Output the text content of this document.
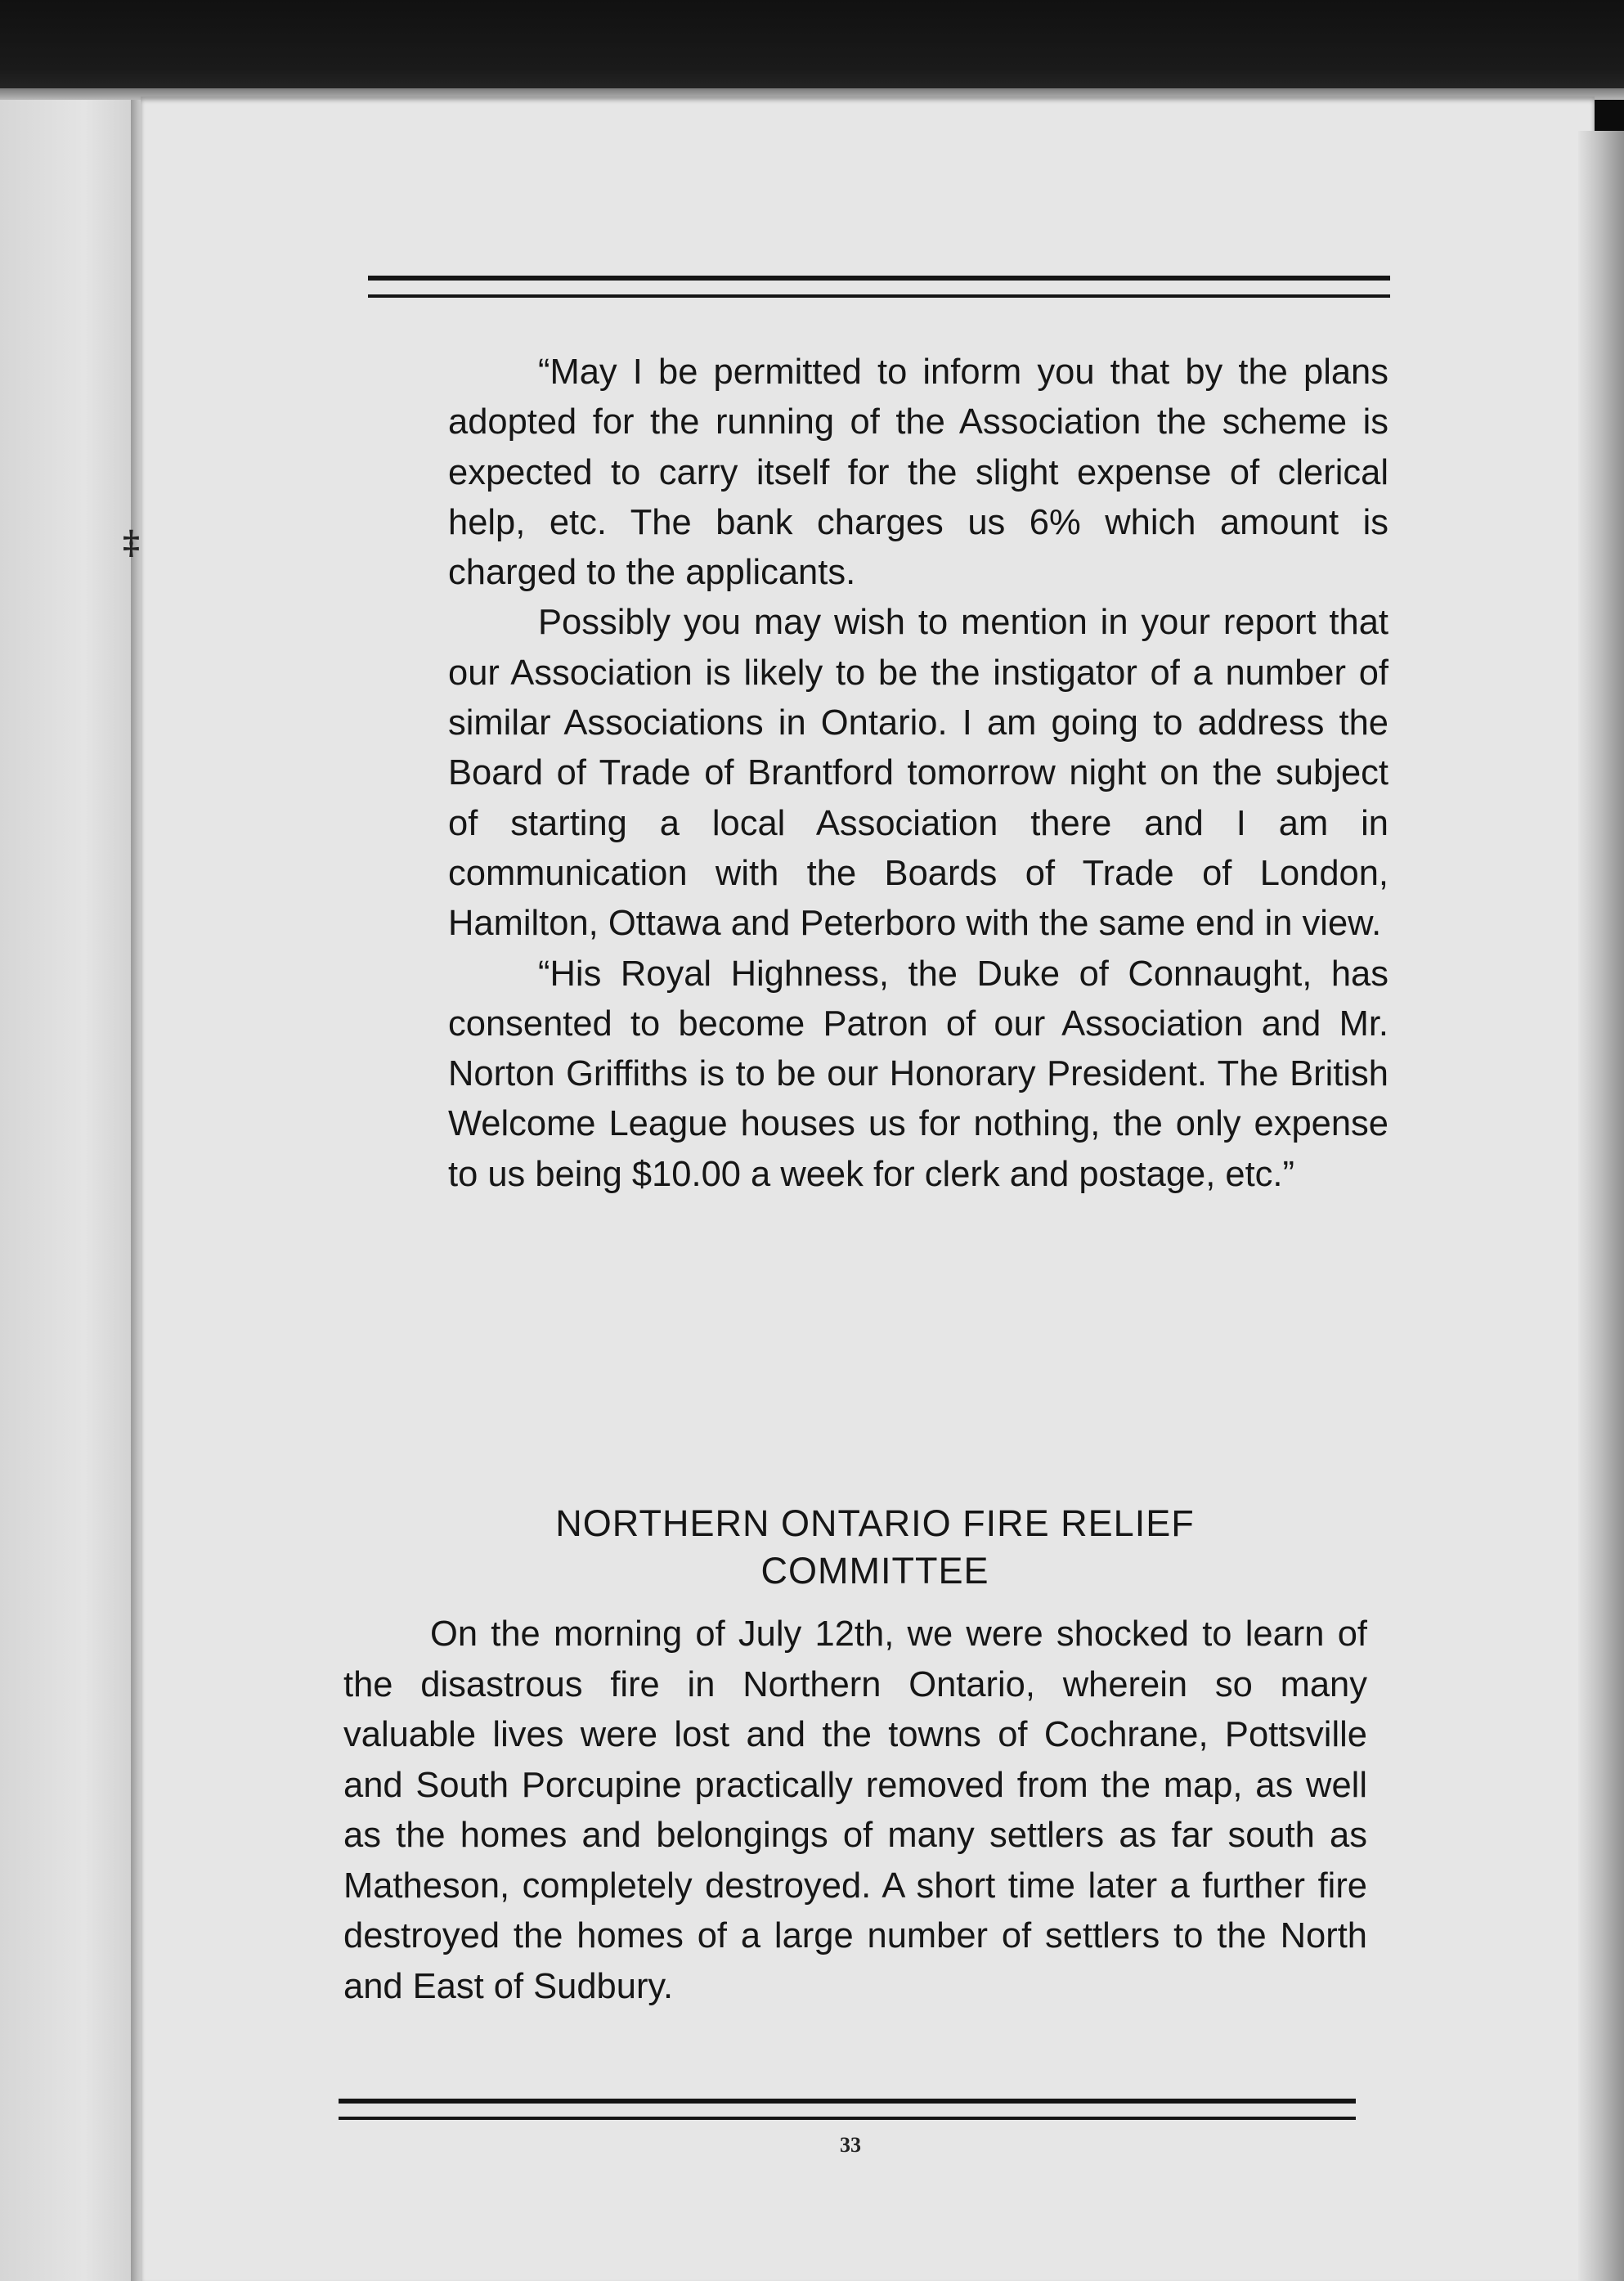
‡

“May I be permitted to inform you that by the plans adopted for the running of the Association the scheme is expected to carry itself for the slight expense of clerical help, etc. The bank charges us 6% which amount is charged to the applicants.

Possibly you may wish to mention in your report that our Association is likely to be the instigator of a number of similar Associations in Ontario. I am going to address the Board of Trade of Brantford tomorrow night on the subject of starting a local Association there and I am in communication with the Boards of Trade of London, Hamilton, Ottawa and Peterboro with the same end in view.

“His Royal Highness, the Duke of Connaught, has consented to become Patron of our Association and Mr. Norton Griffiths is to be our Honorary President. The British Welcome League houses us for nothing, the only expense to us being $10.00 a week for clerk and postage, etc.”

NORTHERN ONTARIO FIRE RELIEF
COMMITTEE

On the morning of July 12th, we were shocked to learn of the disastrous fire in Northern Ontario, wherein so many valuable lives were lost and the towns of Cochrane, Pottsville and South Porcupine practically removed from the map, as well as the homes and belongings of many settlers as far south as Matheson, completely destroyed. A short time later a further fire destroyed the homes of a large number of settlers to the North and East of Sudbury.

33
